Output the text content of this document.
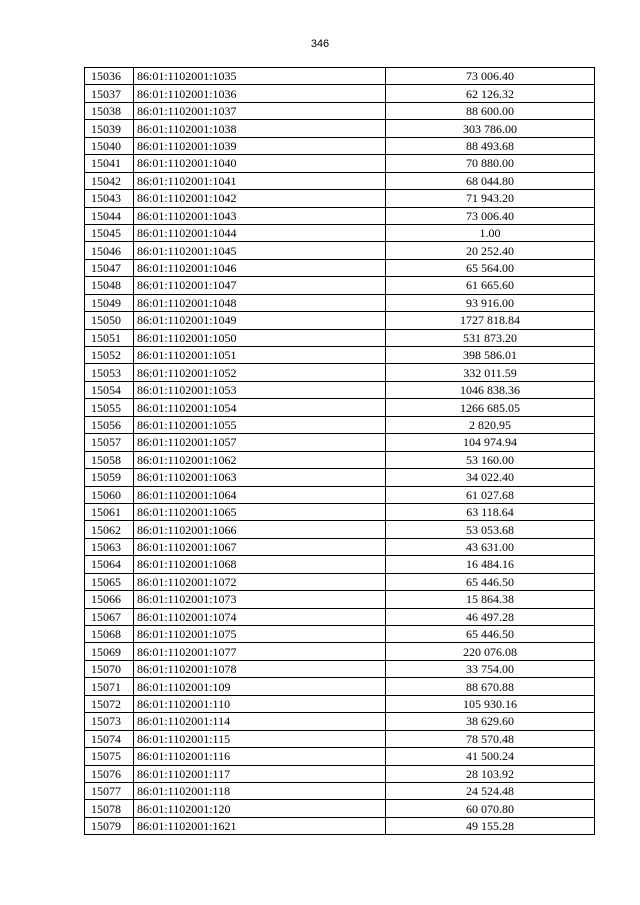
346
15036	86:01:1102001:1035	73 006.40
15037	86:01:1102001:1036	62 126.32
15038	86:01:1102001:1037	88 600.00
15039	86:01:1102001:1038	303 786.00
15040	86:01:1102001:1039	88 493.68
15041	86:01:1102001:1040	70 880.00
15042	86:01:1102001:1041	68 044.80
15043	86:01:1102001:1042	71 943.20
15044	86:01:1102001:1043	73 006.40
15045	86:01:1102001:1044	1.00
15046	86:01:1102001:1045	20 252.40
15047	86:01:1102001:1046	65 564.00
15048	86:01:1102001:1047	61 665.60
15049	86:01:1102001:1048	93 916.00
15050	86:01:1102001:1049	1727 818.84
15051	86:01:1102001:1050	531 873.20
15052	86:01:1102001:1051	398 586.01
15053	86:01:1102001:1052	332 011.59
15054	86:01:1102001:1053	1046 838.36
15055	86:01:1102001:1054	1266 685.05
15056	86:01:1102001:1055	2 820.95
15057	86:01:1102001:1057	104 974.94
15058	86:01:1102001:1062	53 160.00
15059	86:01:1102001:1063	34 022.40
15060	86:01:1102001:1064	61 027.68
15061	86:01:1102001:1065	63 118.64
15062	86:01:1102001:1066	53 053.68
15063	86:01:1102001:1067	43 631.00
15064	86:01:1102001:1068	16 484.16
15065	86:01:1102001:1072	65 446.50
15066	86:01:1102001:1073	15 864.38
15067	86:01:1102001:1074	46 497.28
15068	86:01:1102001:1075	65 446.50
15069	86:01:1102001:1077	220 076.08
15070	86:01:1102001:1078	33 754.00
15071	86:01:1102001:109	88 670.88
15072	86:01:1102001:110	105 930.16
15073	86:01:1102001:114	38 629.60
15074	86:01:1102001:115	78 570.48
15075	86:01:1102001:116	41 500.24
15076	86:01:1102001:117	28 103.92
15077	86:01:1102001:118	24 524.48
15078	86:01:1102001:120	60 070.80
15079	86:01:1102001:1621	49 155.28
